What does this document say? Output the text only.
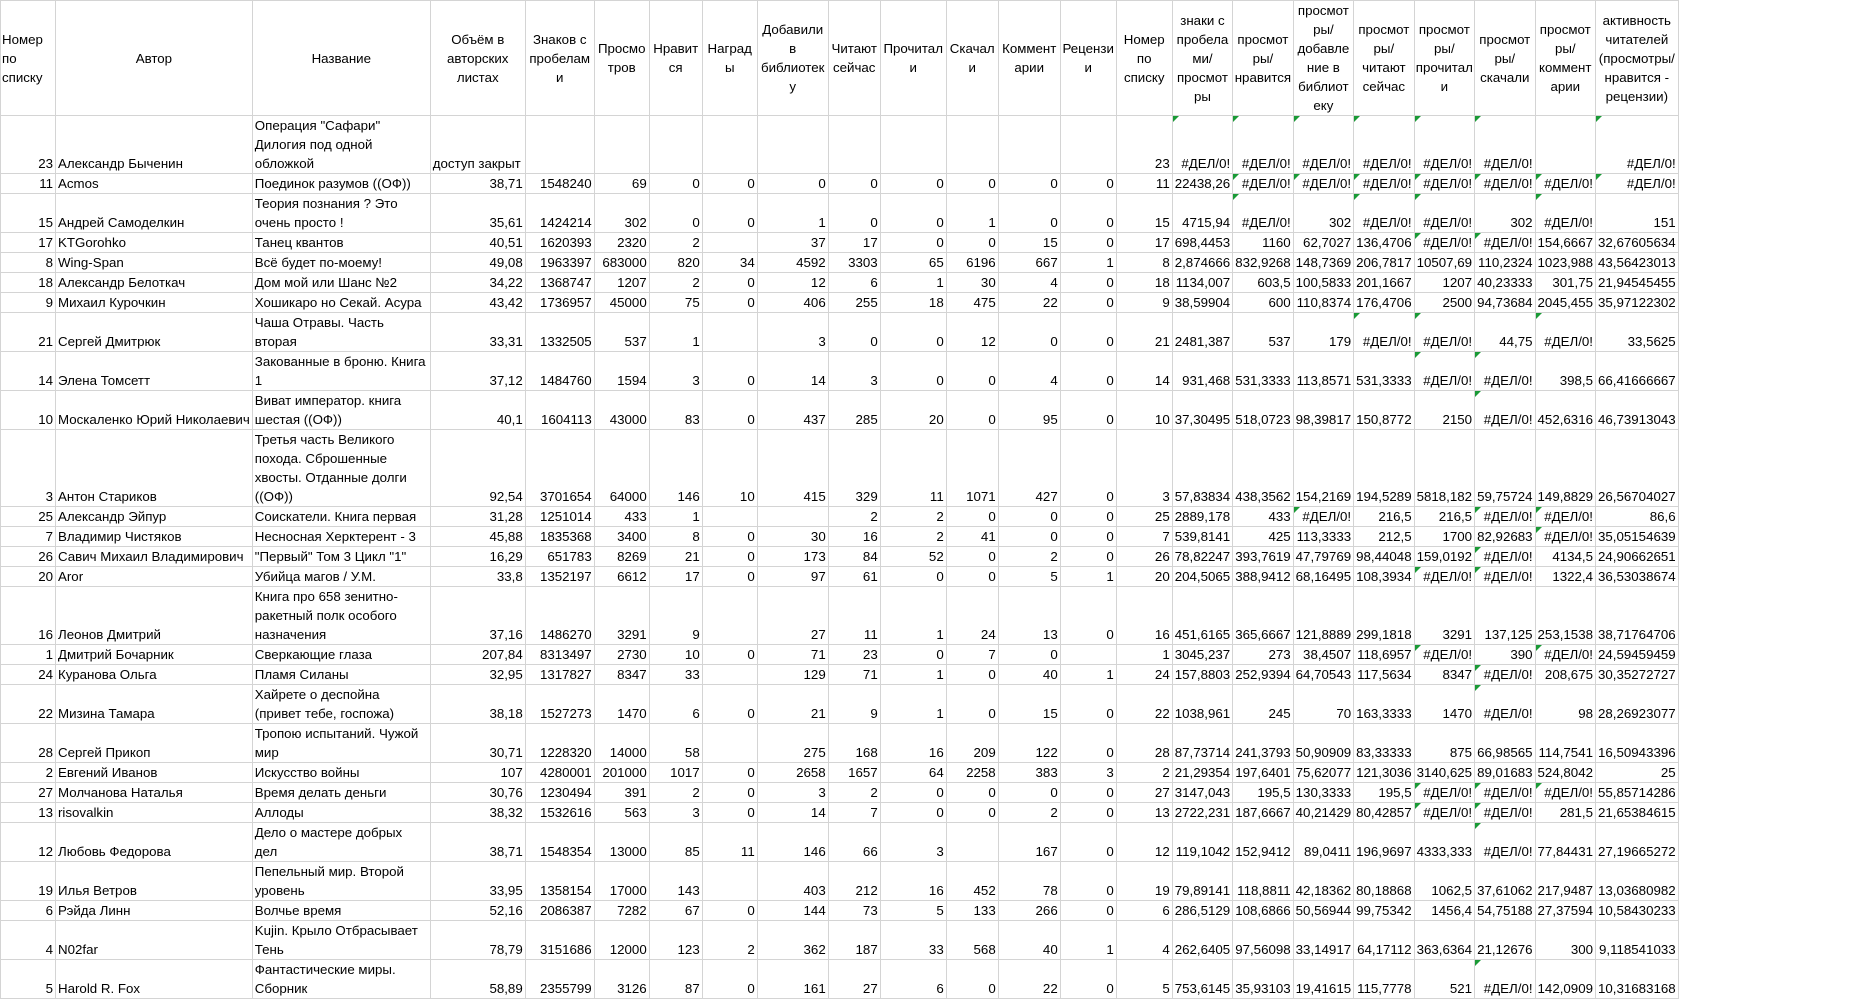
Номер по списку	Автор	Название	Объём в авторских листах	Знаков с пробелами	Просмотров	Нравится	Награды	Добавили в библиотеку	Читают сейчас	Прочитали	Скачали	Комментарии	Рецензии	Номер по списку	знаки с пробелами/просмотры	просмотры/нравится	просмотры/добавление в библиотеку	просмотры/читают сейчас	просмотры/прочитали	просмотры/скачали	просмотры/комментарии	активность читателей (просмотры/нравится - рецензии)
23	Александр Быченин	Операция "Сафари" Дилогия под одной обложкой	доступ закрыт											23	#ДЕЛ/0!	#ДЕЛ/0!	#ДЕЛ/0!	#ДЕЛ/0!	#ДЕЛ/0!	#ДЕЛ/0!		#ДЕЛ/0!
11	Acmos	Поединок разумов ((ОФ))	38,71	1548240	69	0	0	0	0	0	0	0	0	11	22438,26	#ДЕЛ/0!	#ДЕЛ/0!	#ДЕЛ/0!	#ДЕЛ/0!	#ДЕЛ/0!	#ДЕЛ/0!	#ДЕЛ/0!
15	Андрей Самоделкин	Теория познания ? Это очень просто !	35,61	1424214	302	0	0	1	0	0	1	0	0	15	4715,94	#ДЕЛ/0!	302	#ДЕЛ/0!	#ДЕЛ/0!	302	#ДЕЛ/0!	151
17	KTGorohko	Танец квантов	40,51	1620393	2320	2		37	17	0	0	15	0	17	698,4453	1160	62,7027	136,4706	#ДЕЛ/0!	#ДЕЛ/0!	154,6667	32,67605634
8	Wing-Span	Всё будет по-моему!	49,08	1963397	683000	820	34	4592	3303	65	6196	667	1	8	2,874666	832,9268	148,7369	206,7817	10507,69	110,2324	1023,988	43,56423013
18	Александр Белоткач	Дом мой или Шанс №2	34,22	1368747	1207	2	0	12	6	1	30	4	0	18	1134,007	603,5	100,5833	201,1667	1207	40,23333	301,75	21,94545455
9	Михаил Курочкин	Хошикаро но Секай. Асура	43,42	1736957	45000	75	0	406	255	18	475	22	0	9	38,59904	600	110,8374	176,4706	2500	94,73684	2045,455	35,97122302
21	Сергей Дмитрюк	Чаша Отравы. Часть вторая	33,31	1332505	537	1		3	0	0	12	0	0	21	2481,387	537	179	#ДЕЛ/0!	#ДЕЛ/0!	44,75	#ДЕЛ/0!	33,5625
14	Элена Томсетт	Закованные в броню. Книга 1	37,12	1484760	1594	3	0	14	3	0	0	4	0	14	931,468	531,3333	113,8571	531,3333	#ДЕЛ/0!	#ДЕЛ/0!	398,5	66,41666667
10	Москаленко Юрий Николаевич	Виват император. книга шестая ((ОФ))	40,1	1604113	43000	83	0	437	285	20	0	95	0	10	37,30495	518,0723	98,39817	150,8772	2150	#ДЕЛ/0!	452,6316	46,73913043
3	Антон Стариков	Третья часть Великого похода. Сброшенные хвосты. Отданные долги ((ОФ))	92,54	3701654	64000	146	10	415	329	11	1071	427	0	3	57,83834	438,3562	154,2169	194,5289	5818,182	59,75724	149,8829	26,56704027
25	Александр Эйпур	Соискатели. Книга первая	31,28	1251014	433	1			2	2	0	0	0	25	2889,178	433	#ДЕЛ/0!	216,5	216,5	#ДЕЛ/0!	#ДЕЛ/0!	86,6
7	Владимир Чистяков	Несносная Херктерент - 3	45,88	1835368	3400	8	0	30	16	2	41	0	0	7	539,8141	425	113,3333	212,5	1700	82,92683	#ДЕЛ/0!	35,05154639
26	Савич Михаил Владимирович	"Первый" Том 3 Цикл "1"	16,29	651783	8269	21	0	173	84	52	0	2	0	26	78,82247	393,7619	47,79769	98,44048	159,0192	#ДЕЛ/0!	4134,5	24,90662651
20	Aror	Убийца магов / У.М.	33,8	1352197	6612	17	0	97	61	0	0	5	1	20	204,5065	388,9412	68,16495	108,3934	#ДЕЛ/0!	#ДЕЛ/0!	1322,4	36,53038674
16	Леонов Дмитрий	Книга про 658 зенитно-ракетный полк особого назначения	37,16	1486270	3291	9		27	11	1	24	13	0	16	451,6165	365,6667	121,8889	299,1818	3291	137,125	253,1538	38,71764706
1	Дмитрий Бочарник	Сверкающие глаза	207,84	8313497	2730	10	0	71	23	0	7	0		1	3045,237	273	38,4507	118,6957	#ДЕЛ/0!	390	#ДЕЛ/0!	24,59459459
24	Куранова Ольга	Пламя Силаны	32,95	1317827	8347	33		129	71	1	0	40	1	24	157,8803	252,9394	64,70543	117,5634	8347	#ДЕЛ/0!	208,675	30,35272727
22	Мизина Тамара	Хайрете о деспойна (привет тебе, госпожа)	38,18	1527273	1470	6	0	21	9	1	0	15	0	22	1038,961	245	70	163,3333	1470	#ДЕЛ/0!	98	28,26923077
28	Сергей Прикоп	Тропою испытаний. Чужой мир	30,71	1228320	14000	58		275	168	16	209	122	0	28	87,73714	241,3793	50,90909	83,33333	875	66,98565	114,7541	16,50943396
2	Евгений Иванов	Искусство войны	107	4280001	201000	1017	0	2658	1657	64	2258	383	3	2	21,29354	197,6401	75,62077	121,3036	3140,625	89,01683	524,8042	25
27	Молчанова Наталья	Время делать деньги	30,76	1230494	391	2	0	3	2	0	0	0	0	27	3147,043	195,5	130,3333	195,5	#ДЕЛ/0!	#ДЕЛ/0!	#ДЕЛ/0!	55,85714286
13	risovalkin	Аллоды	38,32	1532616	563	3	0	14	7	0	0	2	0	13	2722,231	187,6667	40,21429	80,42857	#ДЕЛ/0!	#ДЕЛ/0!	281,5	21,65384615
12	Любовь Федорова	Дело о мастере добрых дел	38,71	1548354	13000	85	11	146	66	3		167	0	12	119,1042	152,9412	89,0411	196,9697	4333,333	#ДЕЛ/0!	77,84431	27,19665272
19	Илья Ветров	Пепельный мир. Второй уровень	33,95	1358154	17000	143		403	212	16	452	78	0	19	79,89141	118,8811	42,18362	80,18868	1062,5	37,61062	217,9487	13,03680982
6	Рэйда Линн	Волчье время	52,16	2086387	7282	67	0	144	73	5	133	266	0	6	286,5129	108,6866	50,56944	99,75342	1456,4	54,75188	27,37594	10,58430233
4	N02far	Kujin. Крыло Отбрасывает Тень	78,79	3151686	12000	123	2	362	187	33	568	40	1	4	262,6405	97,56098	33,14917	64,17112	363,6364	21,12676	300	9,118541033
5	Harold R. Fox	Фантастические миры. Сборник	58,89	2355799	3126	87	0	161	27	6	0	22	0	5	753,6145	35,93103	19,41615	115,7778	521	#ДЕЛ/0!	142,0909	10,31683168
